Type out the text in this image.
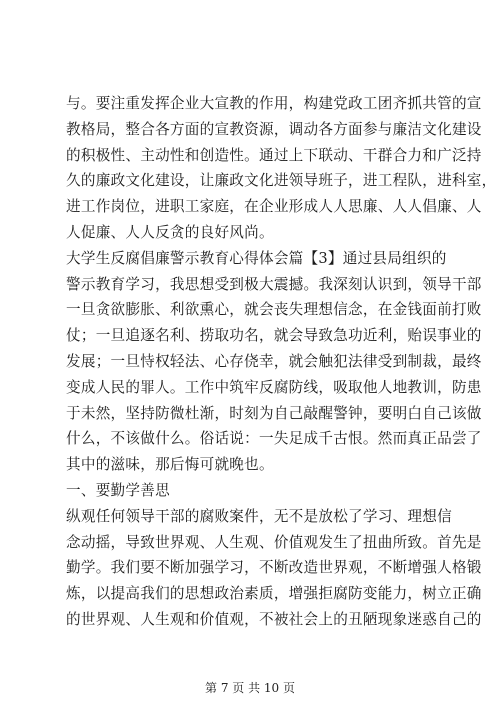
与。要注重发挥企业大宣教的作用，构建党政工团齐抓共管的宣
教格局，整合各方面的宣教资源，调动各方面参与廉洁文化建设
的积极性、主动性和创造性。通过上下联动、干群合力和广泛持
久的廉政文化建设，让廉政文化进领导班子，进工程队，进科室，
进工作岗位，进职工家庭，在企业形成人人思廉、人人倡廉、人
人促廉、人人反贪的良好风尚。
大学生反腐倡廉警示教育心得体会篇【3】通过县局组织的
警示教育学习，我思想受到极大震撼。我深刻认识到，领导干部
一旦贪欲膨胀、利欲熏心，就会丧失理想信念，在金钱面前打败
仗；一旦追逐名利、捞取功名，就会导致急功近利，贻误事业的
发展；一旦恃权轻法、心存侥幸，就会触犯法律受到制裁，最终
变成人民的罪人。工作中筑牢反腐防线，吸取他人地教训，防患
于未然，坚持防微杜渐，时刻为自己敲醒警钟，要明白自己该做
什么，不该做什么。俗话说：一失足成千古恨。然而真正品尝了
其中的滋味，那后悔可就晚也。
一、要勤学善思
纵观任何领导干部的腐败案件，无不是放松了学习、理想信
念动摇，导致世界观、人生观、价值观发生了扭曲所致。首先是
勤学。我们要不断加强学习，不断改造世界观，不断增强人格锻
炼，以提高我们的思想政治素质，增强拒腐防变能力，树立正确
的世界观、人生观和价值观，不被社会上的丑陋现象迷惑自己的
第 7 页 共 10 页
